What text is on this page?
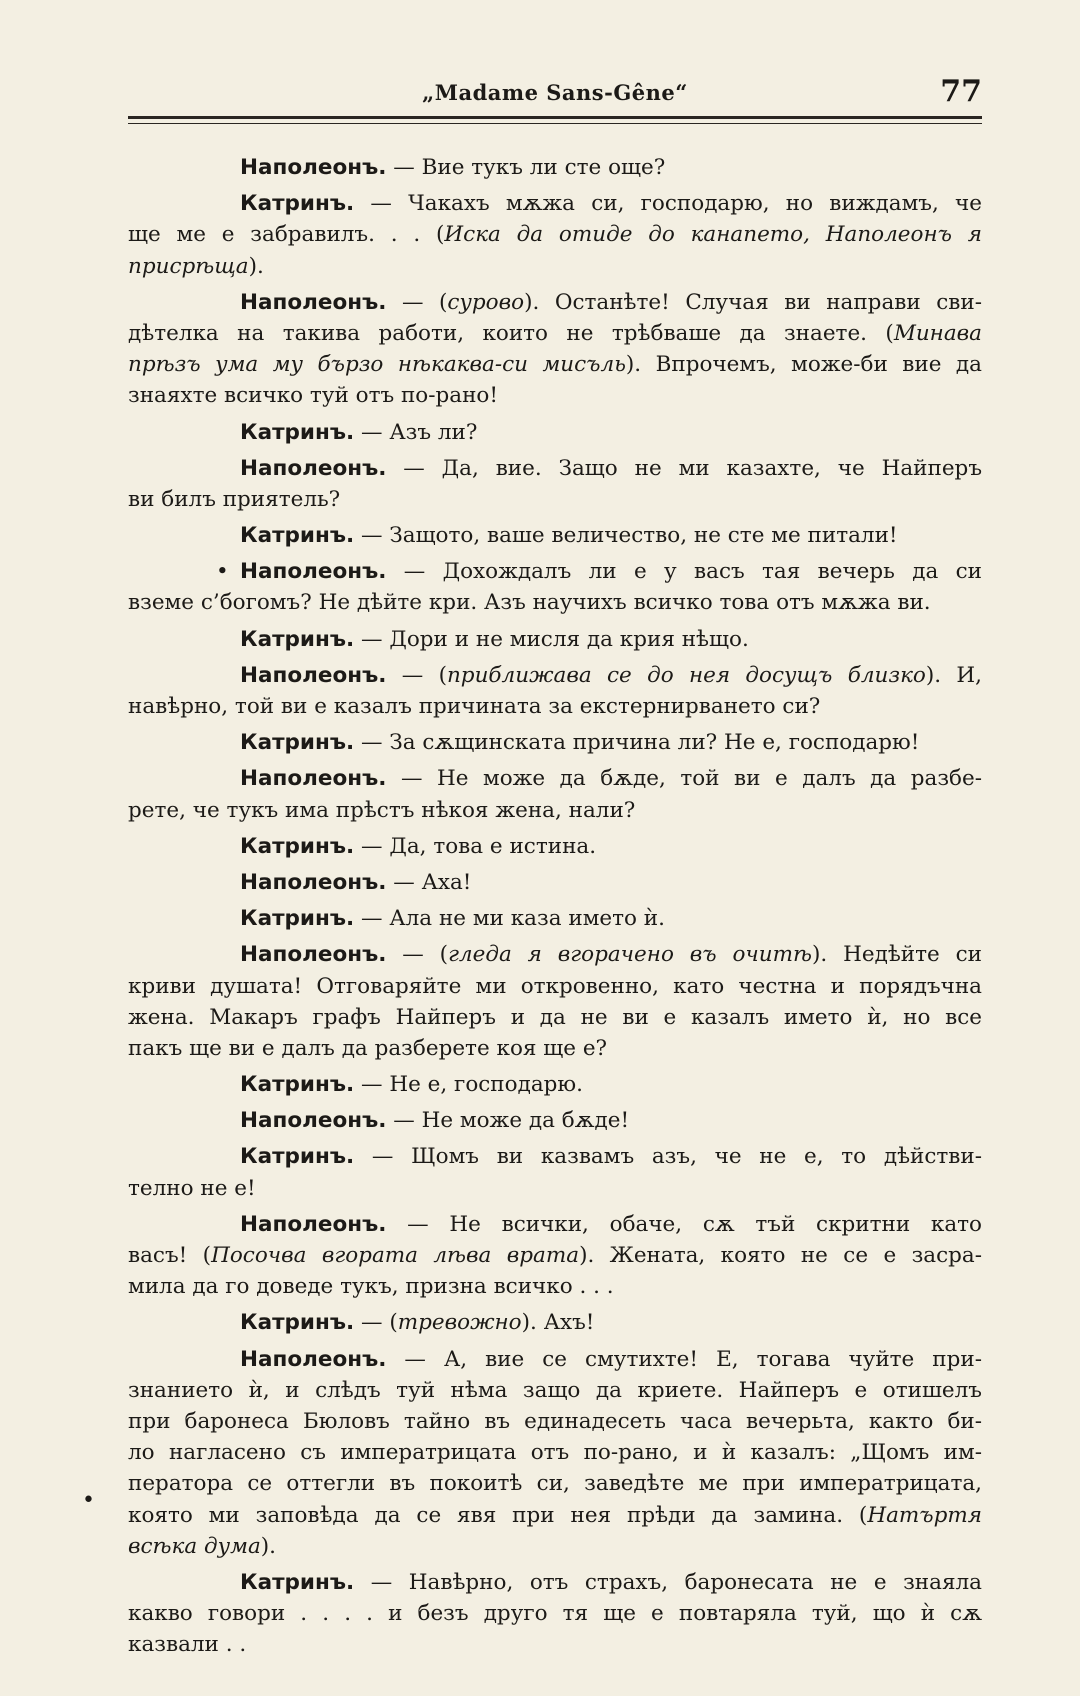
„Madame Sans-Gêne“	77
Наполеонъ. — Вие тукъ ли сте още?
Катринъ. — Чакахъ мѫжа си, господарю, но виждамъ, че
ще ме е забравилъ. . . (Иска да отиде до канапето, Наполеонъ я
присрѣща).
Наполеонъ. — (сурово). Останѣте! Случая ви направи сви-
дѣтелка на такива работи, които не трѣбваше да знаете. (Минава
прѣзъ ума му бързо нѣкаква-си мисъль). Впрочемъ, може-би вие да
знаяхте всичко туй отъ по-рано!
Катринъ. — Азъ ли?
Наполеонъ. — Да, вие. Защо не ми казахте, че Найперъ
ви билъ приятель?
Катринъ. — Защото, ваше величество, не сте ме питали!
• Наполеонъ. — Дохождалъ ли е у васъ тая вечерь да си
вземе с’богомъ? Не дѣйте кри. Азъ научихъ всичко това отъ мѫжа ви.
Катринъ. — Дори и не мисля да крия нѣщо.
Наполеонъ. — (приближава се до нея досущъ близко). И,
навѣрно, той ви е казалъ причината за екстернирването си?
Катринъ. — За сѫщинската причина ли? Не е, господарю!
Наполеонъ. — Не може да бѫде, той ви е далъ да разбе-
рете, че тукъ има прѣстъ нѣкоя жена, нали?
Катринъ. — Да, това е истина.
Наполеонъ. — Аха!
Катринъ. — Ала не ми каза името ѝ.
Наполеонъ. — (гледа я вгорачено въ очитѣ). Недѣйте си
криви душата! Отговаряйте ми откровенно, като честна и порядъчна
жена. Макаръ графъ Найперъ и да не ви е казалъ името ѝ, но все
пакъ ще ви е далъ да разберете коя ще е?
Катринъ. — Не е, господарю.
Наполеонъ. — Не може да бѫде!
Катринъ. — Щомъ ви казвамъ азъ, че не е, то дѣйстви-
телно не е!
Наполеонъ. — Не всички, обаче, сѫ тъй скритни като
васъ! (Посочва вгората лѣва врата). Жената, която не се е засра-
мила да го доведе тукъ, призна всичко . . .
Катринъ. — (тревожно). Ахъ!
Наполеонъ. — А, вие се смутихте! Е, тогава чуйте при-
знанието ѝ, и слѣдъ туй нѣма защо да криете. Найперъ е отишелъ
при баронеса Бюловъ тайно въ единадесеть часа вечерьта, както би-
ло нагласено съ императрицата отъ по-рано, и ѝ казалъ: „Щомъ им-
ператора се оттегли въ покоитѣ си, заведѣте ме при императрицата,
която ми заповѣда да се явя при нея прѣди да замина. (Натъртя
всѣка дума).
Катринъ. — Навѣрно, отъ страхъ, баронесата не е знаяла
какво говори . . . . и безъ друго тя ще е повтаряла туй, що ѝ сѫ
казвали . .
•
